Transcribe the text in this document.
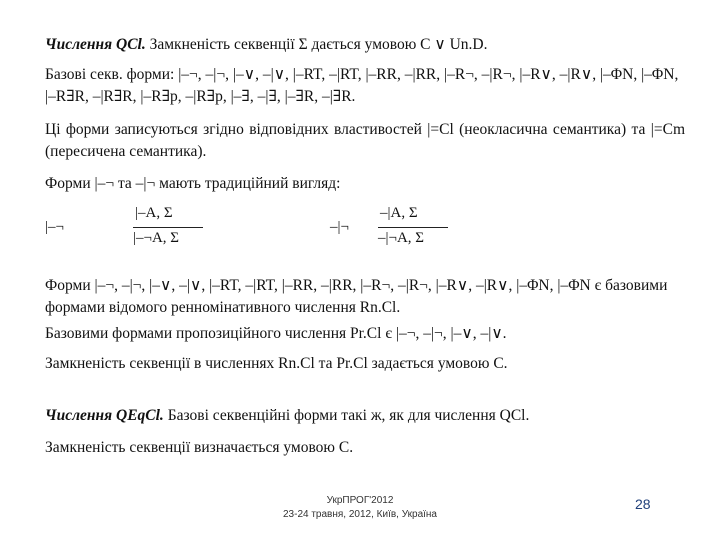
Числення QCl. Замкненість секвенції Σ дається умовою C ∨ Un.D.
Базові секв. форми: |–¬, –|¬, |–∨, –|∨, |–RT, –|RT, |–RR, –|RR, |–R¬, –|R¬, |–R∨, –|R∨, |–ΦN, |–ΦN, |–R∃R, –|R∃R, |–R∃p, –|R∃p, |–∃, –|∃, |–∃R, –|∃R.
Ці форми записуються згідно відповідних властивостей |=Cl (неокласична семантика) та |=Cm (пересичена семантика).
Форми |–¬ та –|¬ мають традиційний вигляд:
|–¬
|–A, Σ
|–¬A, Σ
–|¬
–|A, Σ
–|¬A, Σ
Форми |–¬, –|¬, |–∨, –|∨, |–RT, –|RT, |–RR, –|RR, |–R¬, –|R¬, |–R∨, –|R∨, |–ΦN, |–ΦN є базовими формами відомого ренномінативного числення Rn.Cl.
Базовими формами пропозиційного числення Pr.Cl є |–¬, –|¬, |–∨, –|∨.
Замкненість секвенції в численнях Rn.Cl та Pr.Cl задається умовою C.
Числення QEqCl. Базові секвенційні форми такі ж, як для числення QCl.
Замкненість секвенції визначається умовою C.
УкрПРОГ'2012
23-24 травня, 2012, Київ, Україна
28
